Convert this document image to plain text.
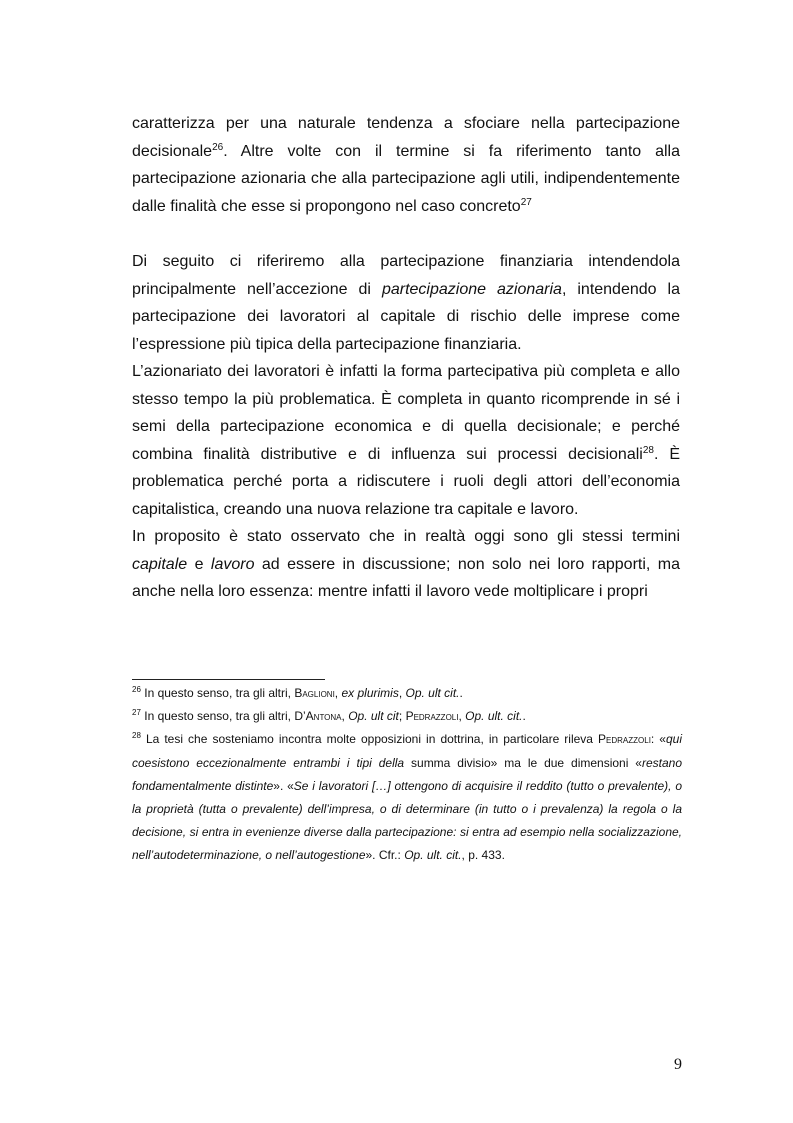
caratterizza per una naturale tendenza a sfociare nella partecipazione decisionale$^{26}$. Altre volte con il termine si fa riferimento tanto alla partecipazione azionaria che alla partecipazione agli utili, indipendentemente dalle finalità che esse si propongono nel caso concreto$^{27}$

Di seguito ci riferiremo alla partecipazione finanziaria intendendola principalmente nell’accezione di partecipazione azionaria, intendendo la partecipazione dei lavoratori al capitale di rischio delle imprese come l’espressione più tipica della partecipazione finanziaria.

L’azionariato dei lavoratori è infatti la forma partecipativa più completa e allo stesso tempo la più problematica. È completa in quanto ricomprende in sé i semi della partecipazione economica e di quella decisionale; e perché combina finalità distributive e di influenza sui processi decisionali$^{28}$. È problematica perché porta a ridiscutere i ruoli degli attori dell’economia capitalistica, creando una nuova relazione tra capitale e lavoro.

In proposito è stato osservato che in realtà oggi sono gli stessi termini capitale e lavoro ad essere in discussione; non solo nei loro rapporti, ma anche nella loro essenza: mentre infatti il lavoro vede moltiplicare i propri

$^{26}$ In questo senso, tra gli altri, Baglioni, ex plurimis, Op. ult cit..

$^{27}$ In questo senso, tra gli altri, D’Antona, Op. ult cit; Pedrazzoli, Op. ult. cit..

$^{28}$ La tesi che sosteniamo incontra molte opposizioni in dottrina, in particolare rileva Pedrazzoli: «qui coesistono eccezionalmente entrambi i tipi della summa divisio» ma le due dimensioni «restano fondamentalmente distinte». «Se i lavoratori […] ottengono di acquisire il reddito (tutto o prevalente), o la proprietà (tutta o prevalente) dell’impresa, o di determinare (in tutto o i prevalenza) la regola o la decisione, si entra in evenienze diverse dalla partecipazione: si entra ad esempio nella socializzazione, nell’autodeterminazione, o nell’autogestione». Cfr.: Op. ult. cit., p. 433.

9
